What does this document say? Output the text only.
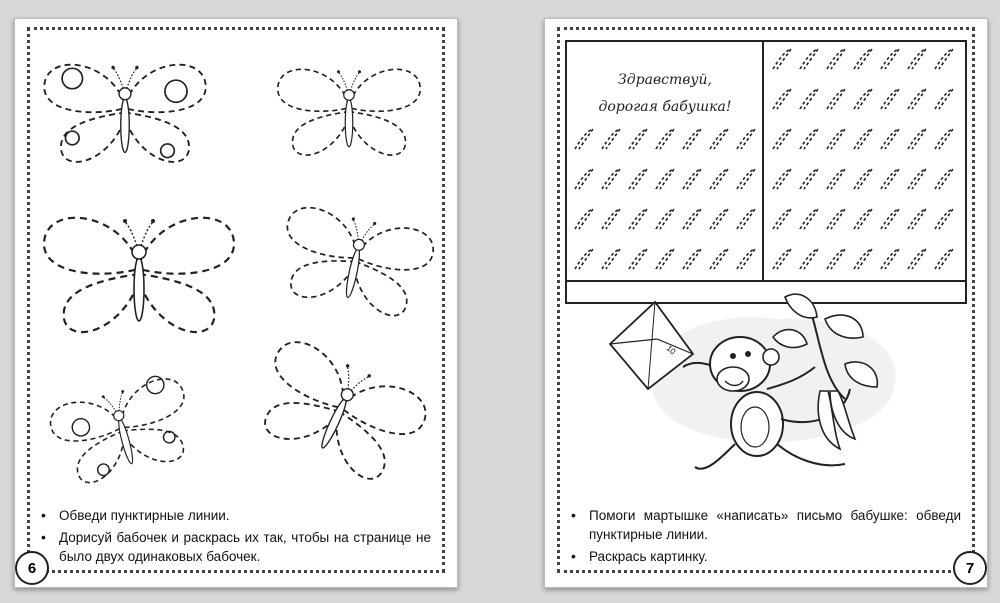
• Обведи пунктирные линии.
• Дорисуй бабочек и раскрась их так, чтобы на странице не было двух одинаковых бабочек.
6
Здравствуй,
дорогая бабушка!
10
• Помоги мартышке «написать» письмо бабушке: обведи пунктирные линии.
• Раскрась картинку.
7
